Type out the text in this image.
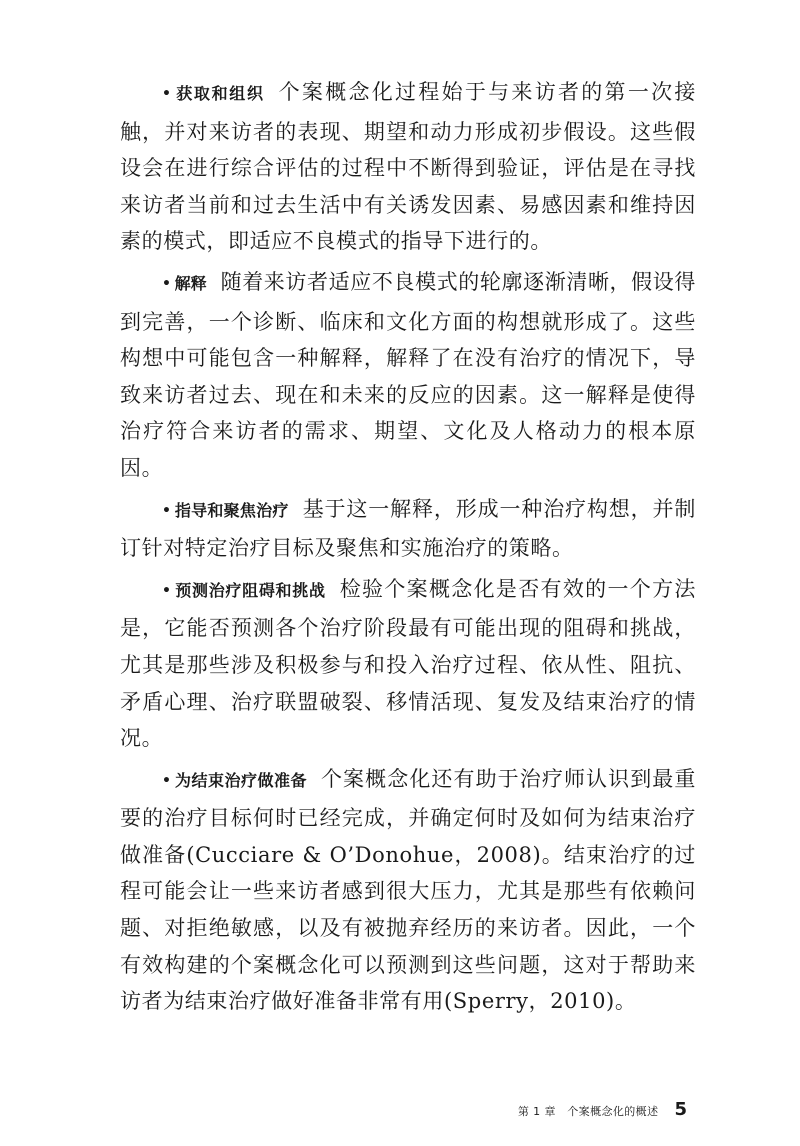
• 获取和组织 个案概念化过程始于与来访者的第一次接触，并对来访者的表现、期望和动力形成初步假设。这些假设会在进行综合评估的过程中不断得到验证，评估是在寻找来访者当前和过去生活中有关诱发因素、易感因素和维持因素的模式，即适应不良模式的指导下进行的。

• 解释 随着来访者适应不良模式的轮廓逐渐清晰，假设得到完善，一个诊断、临床和文化方面的构想就形成了。这些构想中可能包含一种解释，解释了在没有治疗的情况下，导致来访者过去、现在和未来的反应的因素。这一解释是使得治疗符合来访者的需求、期望、文化及人格动力的根本原因。

• 指导和聚焦治疗 基于这一解释，形成一种治疗构想，并制订针对特定治疗目标及聚焦和实施治疗的策略。

• 预测治疗阻碍和挑战 检验个案概念化是否有效的一个方法是，它能否预测各个治疗阶段最有可能出现的阻碍和挑战，尤其是那些涉及积极参与和投入治疗过程、依从性、阻抗、矛盾心理、治疗联盟破裂、移情活现、复发及结束治疗的情况。

• 为结束治疗做准备 个案概念化还有助于治疗师认识到最重要的治疗目标何时已经完成，并确定何时及如何为结束治疗做准备(Cucciare & O’Donohue，2008)。结束治疗的过程可能会让一些来访者感到很大压力，尤其是那些有依赖问题、对拒绝敏感，以及有被抛弃经历的来访者。因此，一个有效构建的个案概念化可以预测到这些问题，这对于帮助来访者为结束治疗做好准备非常有用(Sperry，2010)。

第 1 章　个案概念化的概述 5
